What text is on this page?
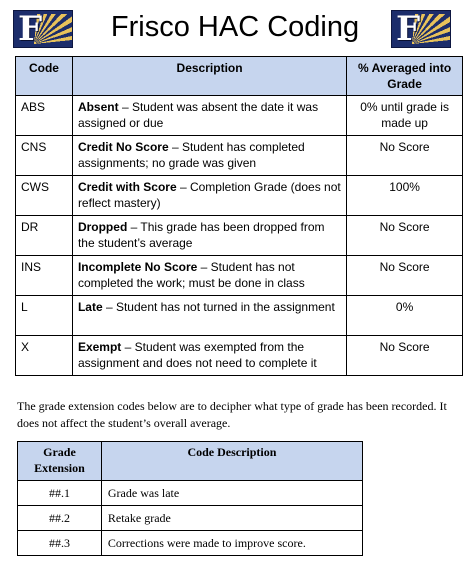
F	Frisco HAC Coding	F
Code	Description	% Averaged into Grade
ABS	Absent – Student was absent the date it was assigned or due	0% until grade is made up
CNS	Credit No Score – Student has completed assignments; no grade was given	No Score
CWS	Credit with Score – Completion Grade (does not reflect mastery)	100%
DR	Dropped – This grade has been dropped from the student’s average	No Score
INS	Incomplete No Score – Student has not completed the work; must be done in class	No Score
L	Late – Student has not turned in the assignment	0%
X	Exempt – Student was exempted from the assignment and does not need to complete it	No Score
The grade extension codes below are to decipher what type of grade has been recorded. It does not affect the student’s overall average.
Grade Extension	Code Description
##.1	Grade was late
##.2	Retake grade
##.3	Corrections were made to improve score.
